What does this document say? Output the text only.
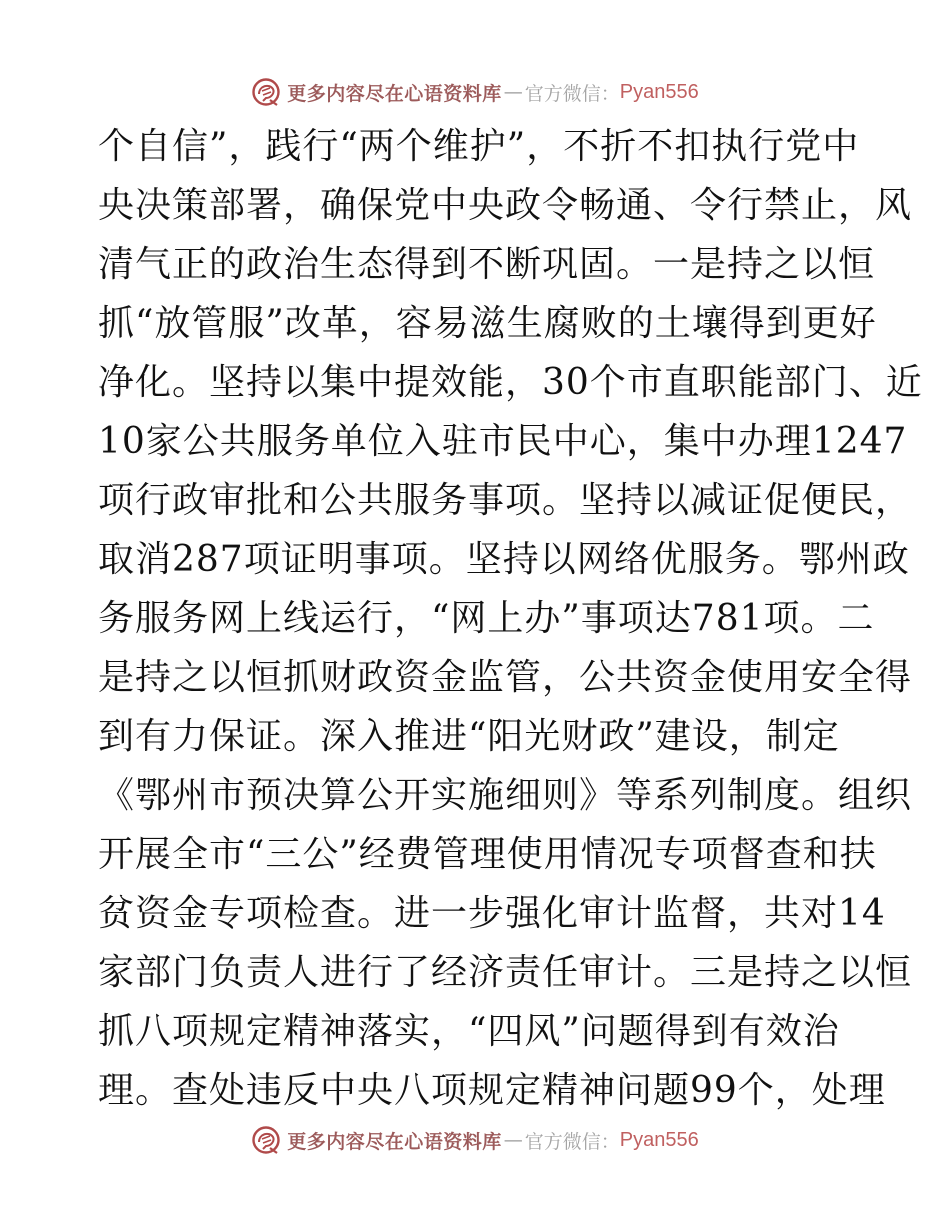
更多内容尽在心语资料库 — 官方微信： Pyan556
个自信”，践行“两个维护”，不折不扣执行党中
央决策部署，确保党中央政令畅通、令行禁止，风
清气正的政治生态得到不断巩固。一是持之以恒
抓“放管服”改革，容易滋生腐败的土壤得到更好
净化。坚持以集中提效能，30个市直职能部门、近
10家公共服务单位入驻市民中心，集中办理1247
项行政审批和公共服务事项。坚持以减证促便民，
取消287项证明事项。坚持以网络优服务。鄂州政
务服务网上线运行，“网上办”事项达781项。二
是持之以恒抓财政资金监管，公共资金使用安全得
到有力保证。深入推进“阳光财政”建设，制定
《鄂州市预决算公开实施细则》等系列制度。组织
开展全市“三公”经费管理使用情况专项督查和扶
贫资金专项检查。进一步强化审计监督，共对14
家部门负责人进行了经济责任审计。三是持之以恒
抓八项规定精神落实，“四风”问题得到有效治
理。查处违反中央八项规定精神问题99个，处理
更多内容尽在心语资料库 — 官方微信： Pyan556
